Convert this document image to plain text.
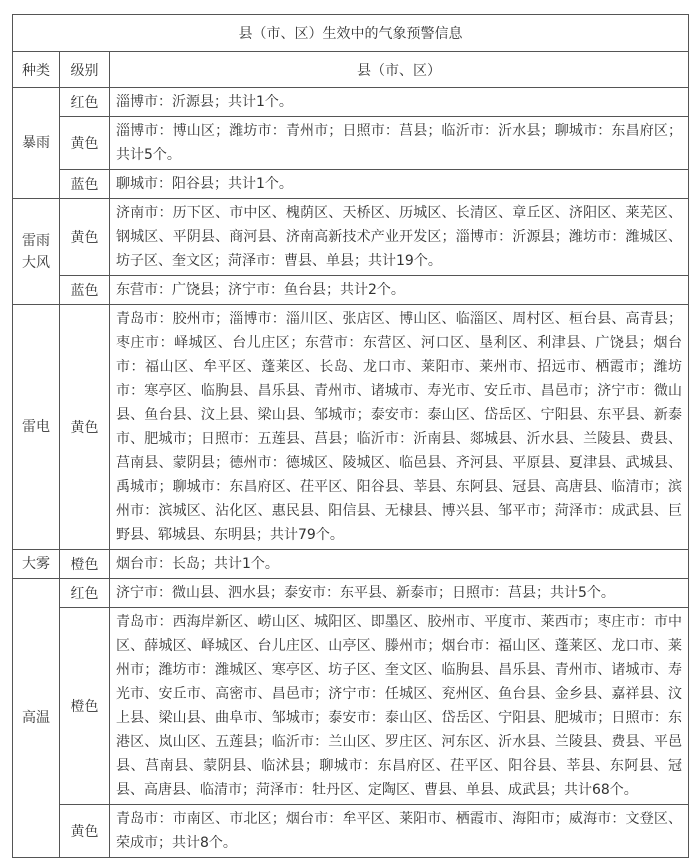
县（市、区）生效中的气象预警信息		
种类	级别	县（市、区）
暴雨	红色	淄博市：沂源县；共计1个。
	黄色	淄博市：博山区；潍坊市：青州市；日照市：莒县；临沂市：沂水县；聊城市：东昌府区；共计5个。
	蓝色	聊城市：阳谷县；共计1个。
雷雨大风	黄色	济南市：历下区、市中区、槐荫区、天桥区、历城区、长清区、章丘区、济阳区、莱芜区、钢城区、平阴县、商河县、济南高新技术产业开发区；淄博市：沂源县；潍坊市：潍城区、坊子区、奎文区；菏泽市：曹县、单县；共计19个。
	蓝色	东营市：广饶县；济宁市：鱼台县；共计2个。
雷电	黄色	青岛市：胶州市；淄博市：淄川区、张店区、博山区、临淄区、周村区、桓台县、高青县；枣庄市：峄城区、台儿庄区；东营市：东营区、河口区、垦利区、利津县、广饶县；烟台市：福山区、牟平区、蓬莱区、长岛、龙口市、莱阳市、莱州市、招远市、栖霞市；潍坊市：寒亭区、临朐县、昌乐县、青州市、诸城市、寿光市、安丘市、昌邑市；济宁市：微山县、鱼台县、汶上县、梁山县、邹城市；泰安市：泰山区、岱岳区、宁阳县、东平县、新泰市、肥城市；日照市：五莲县、莒县；临沂市：沂南县、郯城县、沂水县、兰陵县、费县、莒南县、蒙阴县；德州市：德城区、陵城区、临邑县、齐河县、平原县、夏津县、武城县、禹城市；聊城市：东昌府区、茌平区、阳谷县、莘县、东阿县、冠县、高唐县、临清市；滨州市：滨城区、沾化区、惠民县、阳信县、无棣县、博兴县、邹平市；菏泽市：成武县、巨野县、郓城县、东明县；共计79个。
大雾	橙色	烟台市：长岛；共计1个。
高温	红色	济宁市：微山县、泗水县；泰安市：东平县、新泰市；日照市：莒县；共计5个。
	橙色	青岛市：西海岸新区、崂山区、城阳区、即墨区、胶州市、平度市、莱西市；枣庄市：市中区、薛城区、峄城区、台儿庄区、山亭区、滕州市；烟台市：福山区、蓬莱区、龙口市、莱州市；潍坊市：潍城区、寒亭区、坊子区、奎文区、临朐县、昌乐县、青州市、诸城市、寿光市、安丘市、高密市、昌邑市；济宁市：任城区、兖州区、鱼台县、金乡县、嘉祥县、汶上县、梁山县、曲阜市、邹城市；泰安市：泰山区、岱岳区、宁阳县、肥城市；日照市：东港区、岚山区、五莲县；临沂市：兰山区、罗庄区、河东区、沂水县、兰陵县、费县、平邑县、莒南县、蒙阴县、临沭县；聊城市：东昌府区、茌平区、阳谷县、莘县、东阿县、冠县、高唐县、临清市；菏泽市：牡丹区、定陶区、曹县、单县、成武县；共计68个。
	黄色	青岛市：市南区、市北区；烟台市：牟平区、莱阳市、栖霞市、海阳市；威海市：文登区、荣成市；共计8个。
